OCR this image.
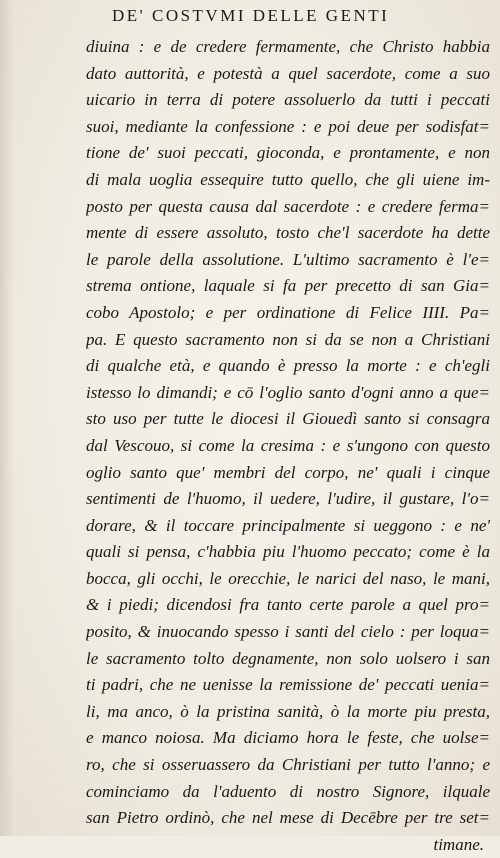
DE' COSTVMI DELLE GENTI
diuina : e de credere fermamente, che Christo habbia
dato auttorità, e potestà a quel sacerdote, come a suo
uicario in terra di potere assoluerlo da tutti i peccati
suoi, mediante la confessione : e poi deue per sodisfat=
tione de' suoi peccati, gioconda, e prontamente, e non
di mala uoglia essequire tutto quello, che gli uiene im-
posto per questa causa dal sacerdote : e credere ferma=
mente di essere assoluto, tosto che'l sacerdote ha dette
le parole della assolutione. L'ultimo sacramento è l'e=
strema ontione, laquale si fa per precetto di san Gia=
cobo Apostolo; e per ordinatione di Felice IIII. Pa=
pa. E questo sacramento non si da se non a Christiani
di qualche età, e quando è presso la morte : e ch'egli
istesso lo dimandi; e cō l'oglio santo d'ogni anno a que=
sto uso per tutte le diocesi il Giouedì santo si consagra
dal Vescouo, si come la cresima : e s'ungono con questo
oglio santo que' membri del corpo, ne' quali i cinque
sentimenti de l'huomo, il uedere, l'udire, il gustare, l'o=
dorare, & il toccare principalmente si ueggono : e ne'
quali si pensa, c'habbia piu l'huomo peccato; come è la
bocca, gli occhi, le orecchie, le narici del naso, le mani,
& i piedi; dicendosi fra tanto certe parole a quel pro=
posito, & inuocando spesso i santi del cielo : per loqua=
le sacramento tolto degnamente, non solo uolsero i san
ti padri, che ne uenisse la remissione de' peccati uenia=
li, ma anco, ò la pristina sanità, ò la morte piu presta,
e manco noiosa. Ma diciamo hora le feste, che uolse=
ro, che si osseruassero da Christiani per tutto l'anno; e
cominciamo da l'aduento di nostro Signore, ilquale
san Pietro ordinò, che nel mese di Decēbre per tre set=
timane.
